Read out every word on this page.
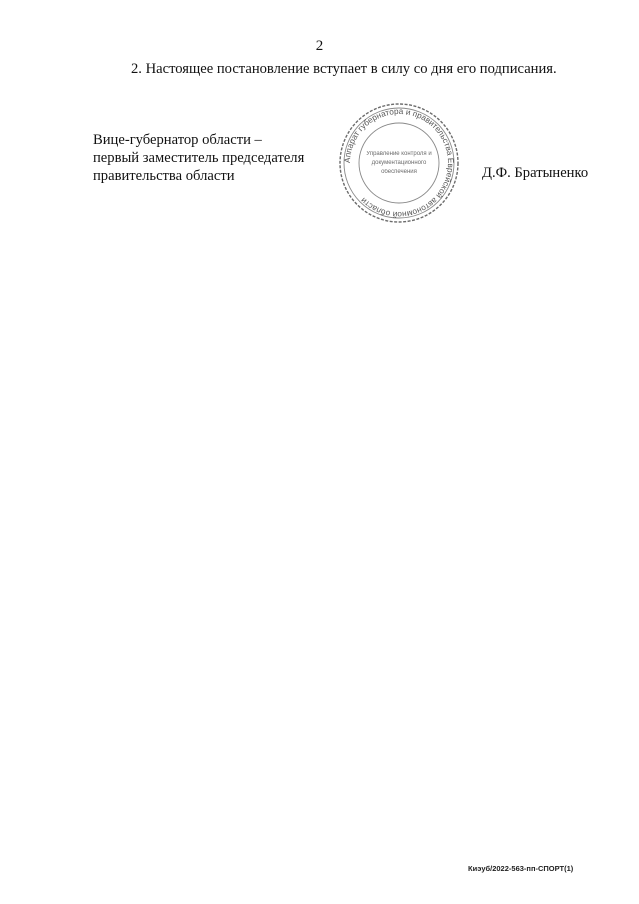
2
2. Настоящее постановление вступает в силу со дня его подписания.
Вице-губернатор области –
первый заместитель председателя
правительства области
Аппарат губернатора и правительства Еврейской автономной области
Управление контроля и
документационного
обеспечения	Д.Ф. Братыненко
Киэуб/2022-563-пп-СПОРТ(1)
